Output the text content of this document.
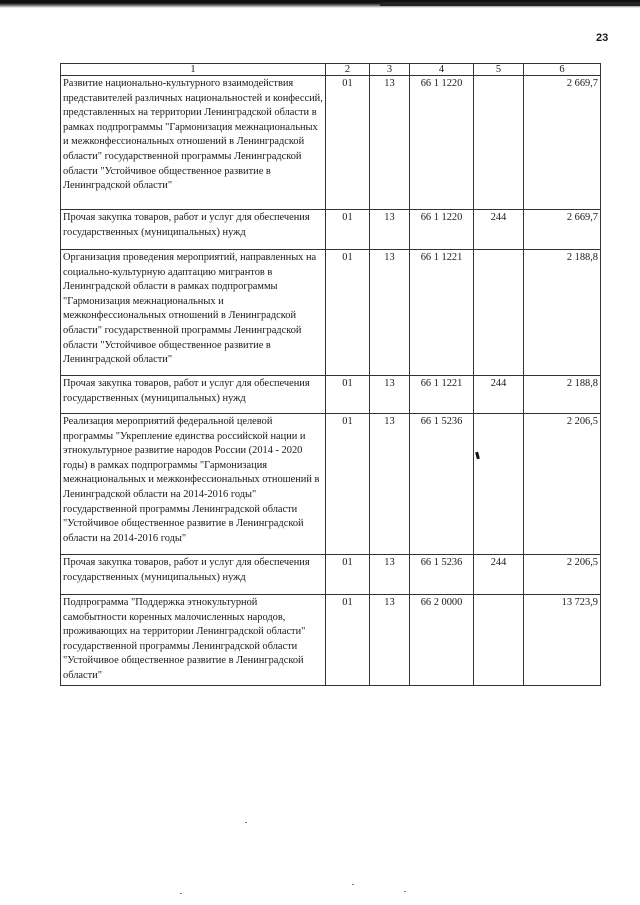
23
1	2	3	4	5	6
Развитие национально-культурного взаимодействия представителей различных национальностей и конфессий, представленных на территории Ленинградской области в рамках подпрограммы "Гармонизация межнациональных и межконфессиональных отношений в Ленинградской области" государственной программы Ленинградской области "Устойчивое общественное развитие в Ленинградской области"	01	13	66 1 1220		2 669,7
Прочая закупка товаров, работ и услуг для обеспечения государственных (муниципальных) нужд	01	13	66 1 1220	244	2 669,7
Организация проведения мероприятий, направленных на социально-культурную адаптацию мигрантов в Ленинградской области в рамках подпрограммы "Гармонизация межнациональных и межконфессиональных отношений в Ленинградской области" государственной программы Ленинградской области "Устойчивое общественное развитие в Ленинградской области"	01	13	66 1 1221		2 188,8
Прочая закупка товаров, работ и услуг для обеспечения государственных (муниципальных) нужд	01	13	66 1 1221	244	2 188,8
Реализация мероприятий федеральной целевой программы "Укрепление единства российской нации и этнокультурное развитие народов России (2014 - 2020 годы) в рамках подпрограммы "Гармонизация межнациональных и межконфессиональных отношений в Ленинградской области на 2014-2016 годы" государственной программы Ленинградской области "Устойчивое общественное развитие в Ленинградской области на 2014-2016 годы"	01	13	66 1 5236		2 206,5
Прочая закупка товаров, работ и услуг для обеспечения государственных (муниципальных) нужд	01	13	66 1 5236	244	2 206,5
Подпрограмма "Поддержка этнокультурной самобытности коренных малочисленных народов, проживающих на территории Ленинградской области" государственной программы Ленинградской области "Устойчивое общественное развитие в Ленинградской области"	01	13	66 2 0000		13 723,9
